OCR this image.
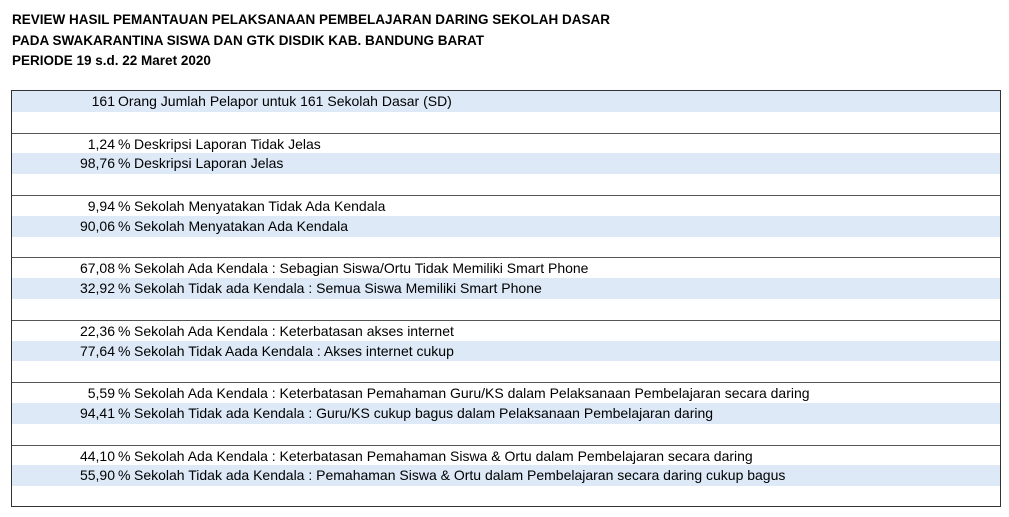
REVIEW HASIL PEMANTAUAN PELAKSANAAN PEMBELAJARAN DARING SEKOLAH DASAR
PADA SWAKARANTINA SISWA DAN GTK DISDIK KAB. BANDUNG BARAT
PERIODE 19 s.d. 22 Maret 2020
161 Orang Jumlah Pelapor untuk 161 Sekolah Dasar (SD)
1,24 % Deskripsi Laporan Tidak Jelas
98,76 % Deskripsi Laporan Jelas
9,94 % Sekolah Menyatakan Tidak Ada Kendala
90,06 % Sekolah Menyatakan Ada Kendala
67,08 % Sekolah Ada Kendala : Sebagian Siswa/Ortu Tidak Memiliki Smart Phone
32,92 % Sekolah Tidak ada Kendala : Semua Siswa Memiliki Smart Phone
22,36 % Sekolah Ada Kendala : Keterbatasan akses internet
77,64 % Sekolah Tidak Aada Kendala : Akses internet cukup
5,59 % Sekolah Ada Kendala : Keterbatasan Pemahaman Guru/KS dalam Pelaksanaan Pembelajaran secara daring
94,41 % Sekolah Tidak ada Kendala : Guru/KS cukup bagus dalam Pelaksanaan Pembelajaran daring
44,10 % Sekolah Ada Kendala : Keterbatasan Pemahaman Siswa & Ortu dalam Pembelajaran secara daring
55,90 % Sekolah Tidak ada Kendala : Pemahaman Siswa & Ortu dalam Pembelajaran secara daring cukup bagus
